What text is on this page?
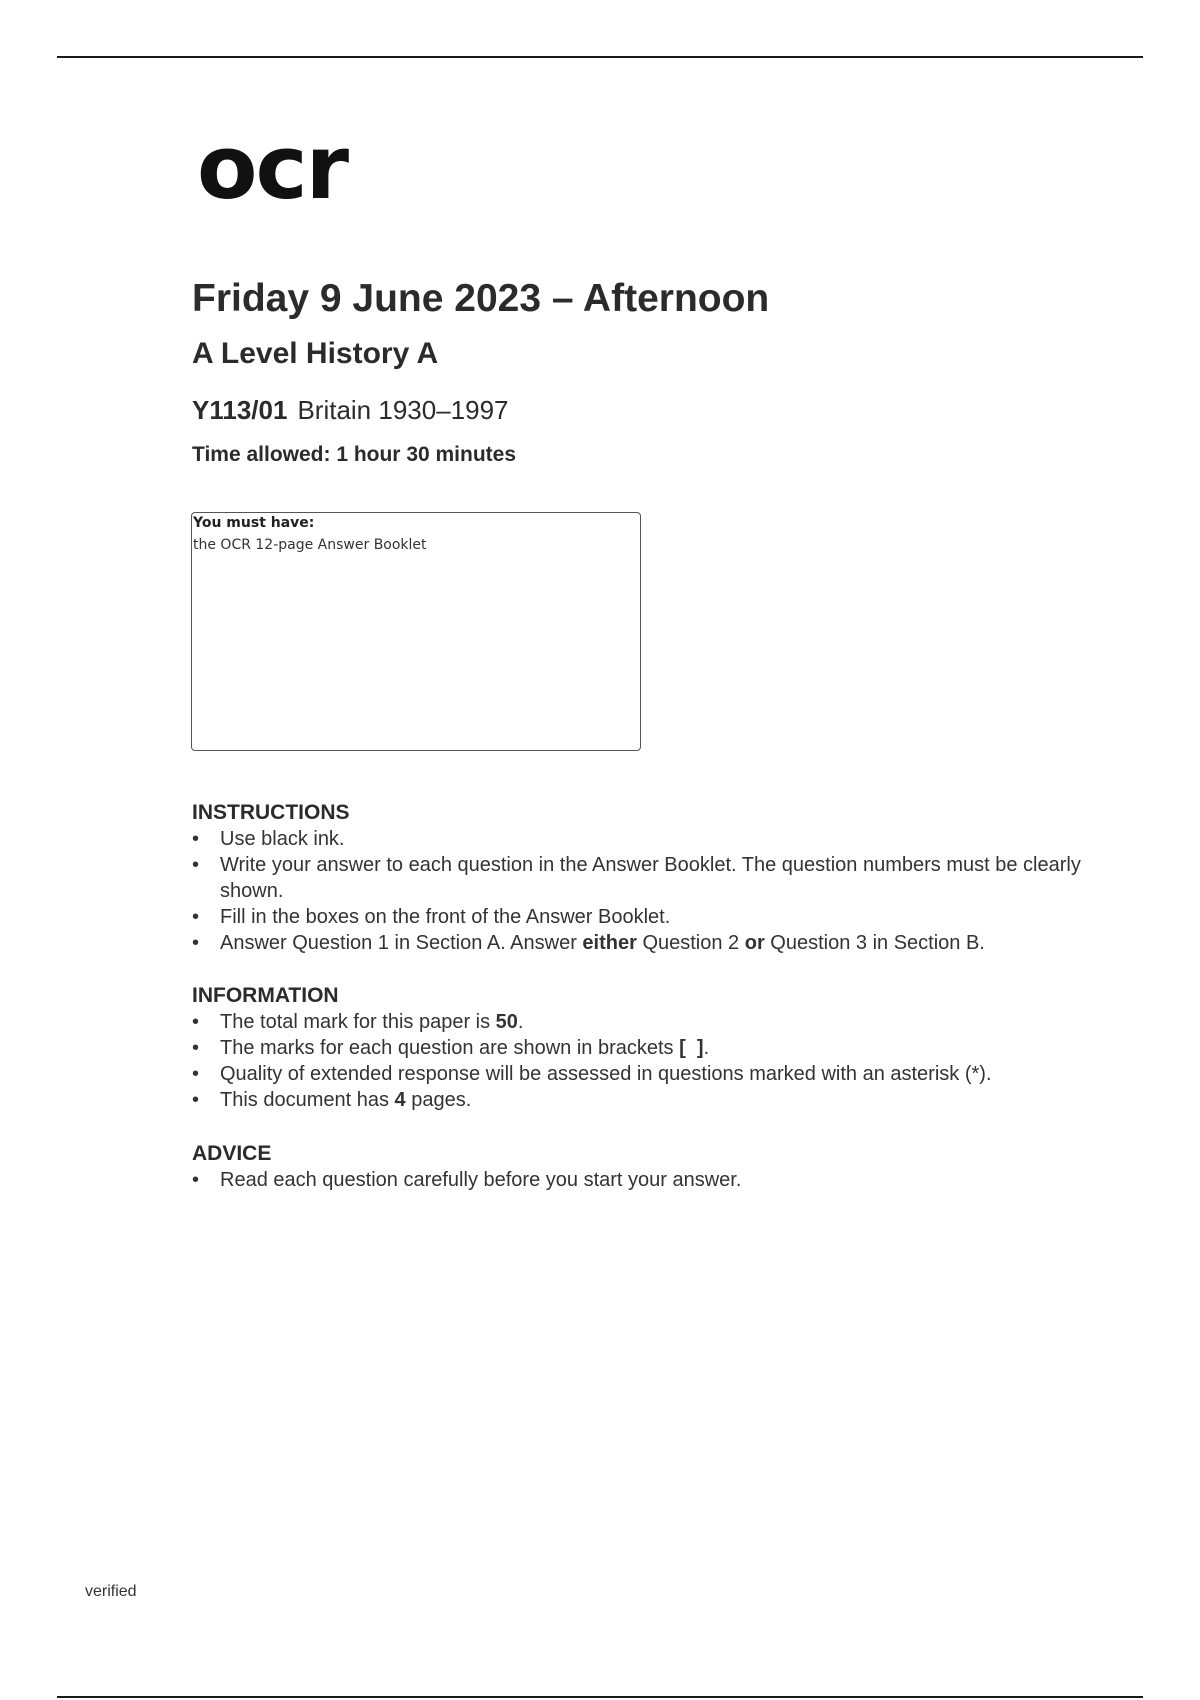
ocr
Friday 9 June 2023 – Afternoon
A Level History A
Y113/01 Britain 1930–1997
Time allowed: 1 hour 30 minutes
You must have:
the OCR 12-page Answer Booklet
INSTRUCTIONS
• Use black ink.
• Write your answer to each question in the Answer Booklet. The question numbers must be clearly shown.
• Fill in the boxes on the front of the Answer Booklet.
• Answer Question 1 in Section A. Answer either Question 2 or Question 3 in Section B.
INFORMATION
• The total mark for this paper is 50.
• The marks for each question are shown in brackets [  ].
• Quality of extended response will be assessed in questions marked with an asterisk (*).
• This document has 4 pages.
ADVICE
• Read each question carefully before you start your answer.
verified
